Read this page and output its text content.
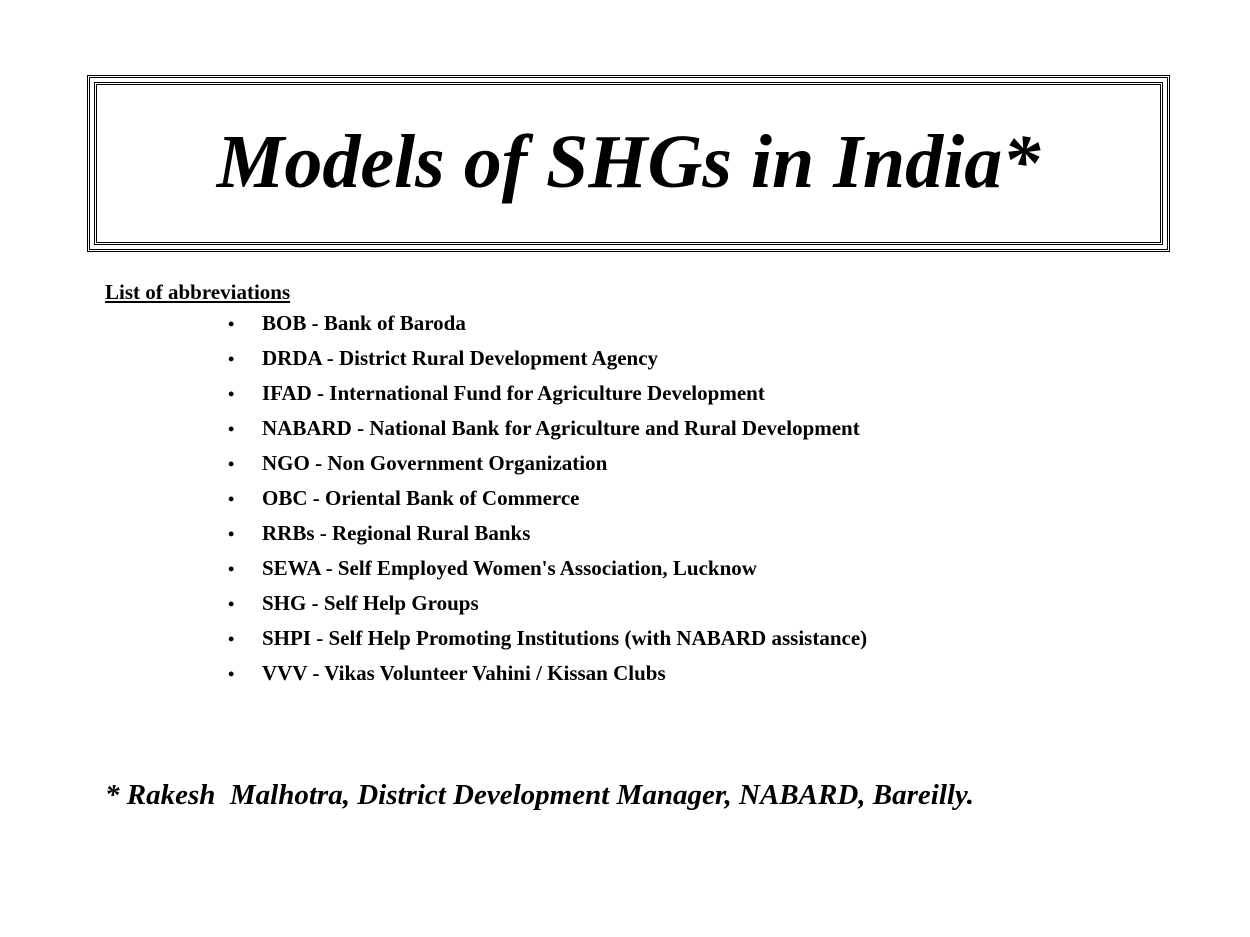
Models of SHGs in India*

List of abbreviations

•	BOB - Bank of Baroda
•	DRDA - District Rural Development Agency
•	IFAD - International Fund for Agriculture Development
•	NABARD - National Bank for Agriculture and Rural Development
•	NGO - Non Government Organization
•	OBC - Oriental Bank of Commerce
•	RRBs - Regional Rural Banks
•	SEWA - Self Employed Women's Association, Lucknow
•	SHG - Self Help Groups
•	SHPI - Self Help Promoting Institutions (with NABARD assistance)
•	VVV - Vikas Volunteer Vahini / Kissan Clubs

* Rakesh  Malhotra, District Development Manager, NABARD, Bareilly.
